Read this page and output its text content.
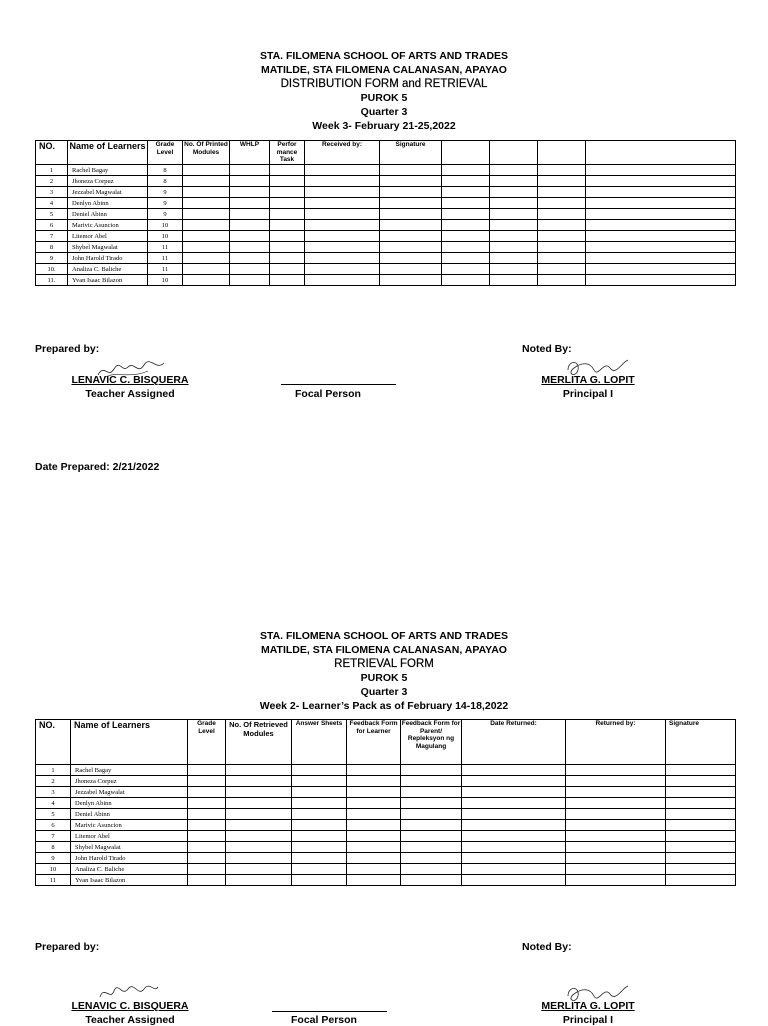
STA. FILOMENA SCHOOL OF ARTS AND TRADES
MATILDE, STA FILOMENA CALANASAN, APAYAO
DISTRIBUTION FORM and RETRIEVAL
PUROK 5
Quarter 3
Week 3- February 21-25,2022
NO.	Name of Learners	Grade Level	No. Of Printed Modules	WHLP	Perfor mance Task	Received by:	Signature				
1	Rachel Bagay	8									
2	Jhoneza Corpuz	8									
3	Jezzabel Magwalat	9									
4	Denlyn Abinn	9									
5	Deniel Abinn	9									
6	Marivic Asuncion	10									
7	Litemor Abel	10									
8	Shybel Magwalat	11									
9	John Harold Tirado	11									
10.	Analiza C. Baliche	11									
11.	Yvan Isaac Bilazon	10									
Prepared by:	Noted By:
LENAVIC C. BISQUERA
Teacher Assigned	Focal Person
MERLITA G. LOPIT
Principal I
Date Prepared: 2/21/2022
STA. FILOMENA SCHOOL OF ARTS AND TRADES
MATILDE, STA FILOMENA CALANASAN, APAYAO
RETRIEVAL FORM
PUROK 5
Quarter 3
Week 2- Learner’s Pack as of February 14-18,2022
NO.	Name of Learners	Grade Level	No. Of Retrieved Modules	Answer Sheets	Feedback Form for Learner	Feedback Form for Parent/ Repleksyon ng Magulang	Date Returned:	Returned by:	Signature
1	Rachel Bagay								
2	Jhoneza Corpuz								
3	Jezzabel Magwalat								
4	Denlyn Abinn								
5	Deniel Abinn								
6	Marivic Asuncion								
7	Litemor Abel								
8	Shybel Magwalat								
9	John Harold Tirado								
10	Analiza C. Baliche								
11	Yvan Isaac Bilazon								
Prepared by:	Noted By:
LENAVIC C. BISQUERA
Teacher Assigned	Focal Person
MERLITA G. LOPIT
Principal I
